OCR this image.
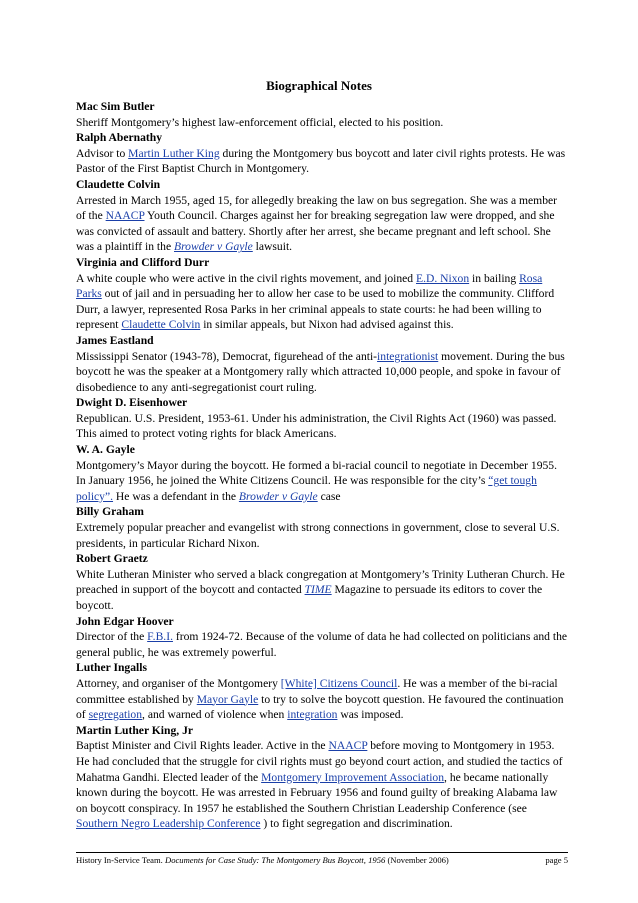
Biographical Notes
Mac Sim Butler
Sheriff Montgomery’s highest law-enforcement official, elected to his position.
Ralph Abernathy
Advisor to Martin Luther King during the Montgomery bus boycott and later civil rights protests. He was Pastor of the First Baptist Church in Montgomery.
Claudette Colvin
Arrested in March 1955, aged 15, for allegedly breaking the law on bus segregation. She was a member of the NAACP Youth Council. Charges against her for breaking segregation law were dropped, and she was convicted of assault and battery. Shortly after her arrest, she became pregnant and left school. She was a plaintiff in the Browder v Gayle lawsuit.
Virginia and Clifford Durr
A white couple who were active in the civil rights movement, and joined E.D. Nixon in bailing Rosa Parks out of jail and in persuading her to allow her case to be used to mobilize the community. Clifford Durr, a lawyer, represented Rosa Parks in her criminal appeals to state courts: he had been willing to represent Claudette Colvin in similar appeals, but Nixon had advised against this.
James Eastland
Mississippi Senator (1943-78), Democrat, figurehead of the anti-integrationist movement. During the bus boycott he was the speaker at a Montgomery rally which attracted 10,000 people, and spoke in favour of disobedience to any anti-segregationist court ruling.
Dwight D. Eisenhower
Republican. U.S. President, 1953-61. Under his administration, the Civil Rights Act (1960) was passed. This aimed to protect voting rights for black Americans.
W. A. Gayle
Montgomery’s Mayor during the boycott. He formed a bi-racial council to negotiate in December 1955. In January 1956, he joined the White Citizens Council. He was responsible for the city’s “get tough policy”. He was a defendant in the Browder v Gayle case
Billy Graham
Extremely popular preacher and evangelist with strong connections in government, close to several U.S. presidents, in particular Richard Nixon.
Robert Graetz
White Lutheran Minister who served a black congregation at Montgomery’s Trinity Lutheran Church. He preached in support of the boycott and contacted TIME Magazine to persuade its editors to cover the boycott.
John Edgar Hoover
Director of the F.B.I. from 1924-72. Because of the volume of data he had collected on politicians and the general public, he was extremely powerful.
Luther Ingalls
Attorney, and organiser of the Montgomery [White] Citizens Council. He was a member of the bi-racial committee established by Mayor Gayle to try to solve the boycott question. He favoured the continuation of segregation, and warned of violence when integration was imposed.
Martin Luther King, Jr
Baptist Minister and Civil Rights leader. Active in the NAACP before moving to Montgomery in 1953. He had concluded that the struggle for civil rights must go beyond court action, and studied the tactics of Mahatma Gandhi. Elected leader of the Montgomery Improvement Association, he became nationally known during the boycott. He was arrested in February 1956 and found guilty of breaking Alabama law on boycott conspiracy. In 1957 he established the Southern Christian Leadership Conference (see Southern Negro Leadership Conference ) to fight segregation and discrimination.
History In-Service Team. Documents for Case Study: The Montgomery Bus Boycott, 1956 (November 2006)	page 5
